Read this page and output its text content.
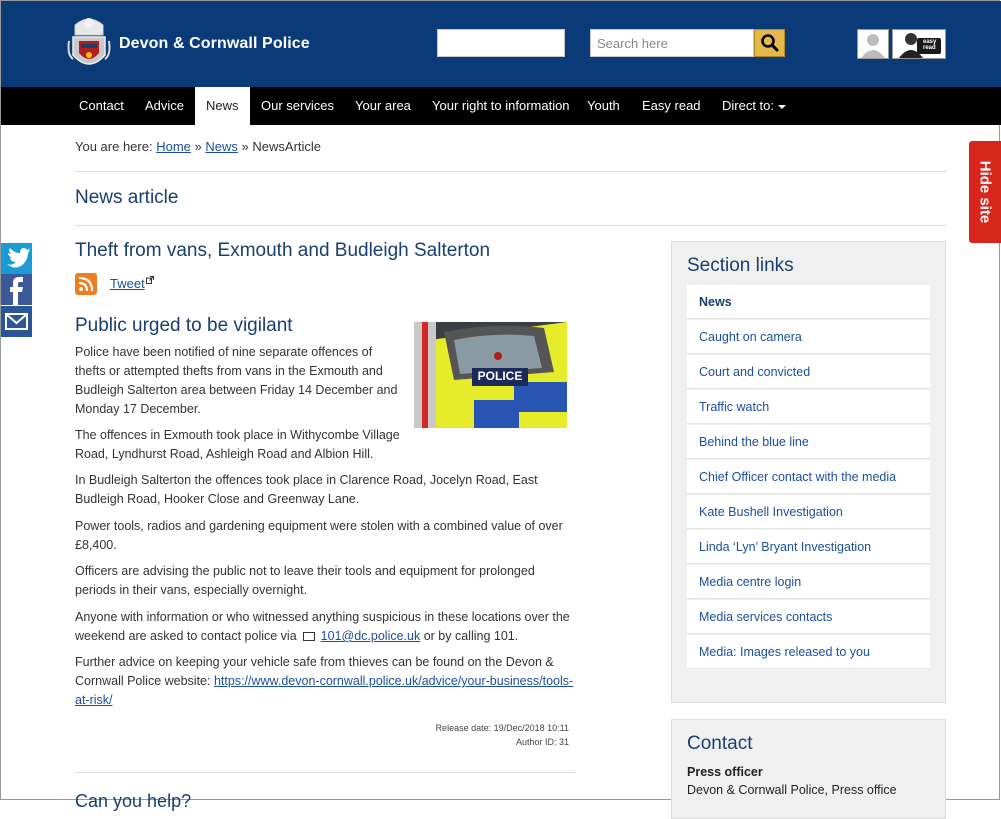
Devon & Cornwall Police
Search here	easy read
Contact	Advice	News	Our services	Your area	Your right to information	Youth	Easy read	Direct to:
You are here: Home » News » NewsArticle
News article	Hide site
Theft from vans, Exmouth and Budleigh Salterton
Tweet
Public urged to be vigilant
POLICE
Police have been notified of nine separate offences of thefts or attempted thefts from vans in the Exmouth and Budleigh Salterton area between Friday 14 December and Monday 17 December.
The offences in Exmouth took place in Withycombe Village Road, Lyndhurst Road, Ashleigh Road and Albion Hill.
In Budleigh Salterton the offences took place in Clarence Road, Jocelyn Road, East Budleigh Road, Hooker Close and Greenway Lane.
Power tools, radios and gardening equipment were stolen with a combined value of over £8,400.
Officers are advising the public not to leave their tools and equipment for prolonged periods in their vans, especially overnight.
Anyone with information or who witnessed anything suspicious in these locations over the weekend are asked to contact police via 101@dc.police.uk or by calling 101.
Further advice on keeping your vehicle safe from thieves can be found on the Devon & Cornwall Police website: https://www.devon-cornwall.police.uk/advice/your-business/tools-at-risk/
Release date: 19/Dec/2018 10:11
Author ID: 31
Can you help?
Section links
News
Caught on camera
Court and convicted
Traffic watch
Behind the blue line
Chief Officer contact with the media
Kate Bushell Investigation
Linda ‘Lyn’ Bryant Investigation
Media centre login
Media services contacts
Media: Images released to you
Contact
Press officer
Devon & Cornwall Police, Press office
